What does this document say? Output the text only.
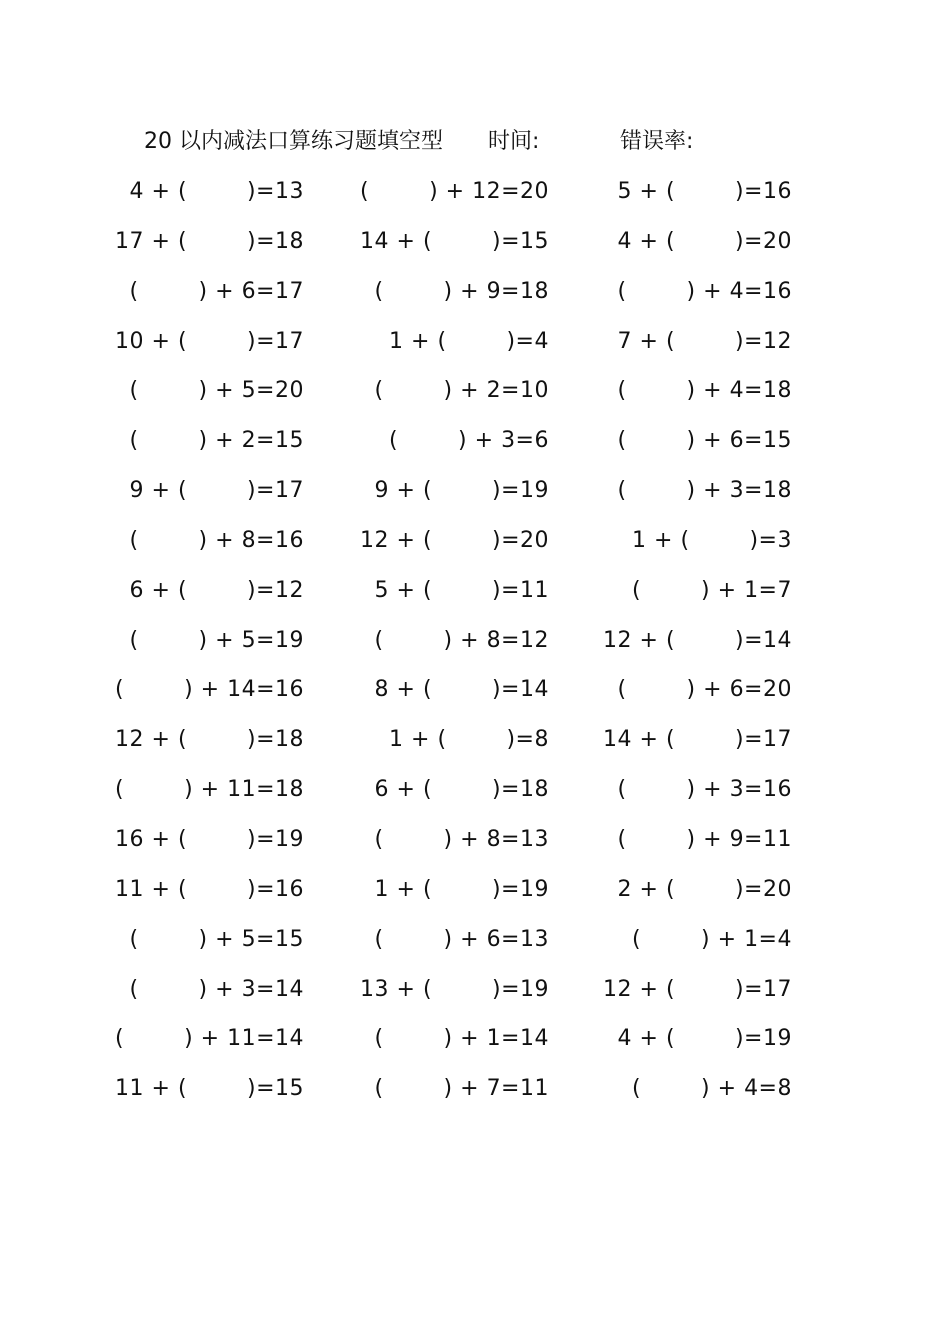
20 以内减法口算练习题填空型 时间:	错误率:
4 + (        )=13
17 + (        )=18
(        ) + 6=17
10 + (        )=17
(        ) + 5=20
(        ) + 2=15
9 + (        )=17
(        ) + 8=16
6 + (        )=12
(        ) + 5=19
(        ) + 14=16
12 + (        )=18
(        ) + 11=18
16 + (        )=19
11 + (        )=16
(        ) + 5=15
(        ) + 3=14
(        ) + 11=14
11 + (        )=15
(        ) + 12=20
14 + (        )=15
(        ) + 9=18
1 + (        )=4
(        ) + 2=10
(        ) + 3=6
9 + (        )=19
12 + (        )=20
5 + (        )=11
(        ) + 8=12
8 + (        )=14
1 + (        )=8
6 + (        )=18
(        ) + 8=13
1 + (        )=19
(        ) + 6=13
13 + (        )=19
(        ) + 1=14
(        ) + 7=11
5 + (        )=16
4 + (        )=20
(        ) + 4=16
7 + (        )=12
(        ) + 4=18
(        ) + 6=15
(        ) + 3=18
1 + (        )=3
(        ) + 1=7
12 + (        )=14
(        ) + 6=20
14 + (        )=17
(        ) + 3=16
(        ) + 9=11
2 + (        )=20
(        ) + 1=4
12 + (        )=17
4 + (        )=19
(        ) + 4=8
